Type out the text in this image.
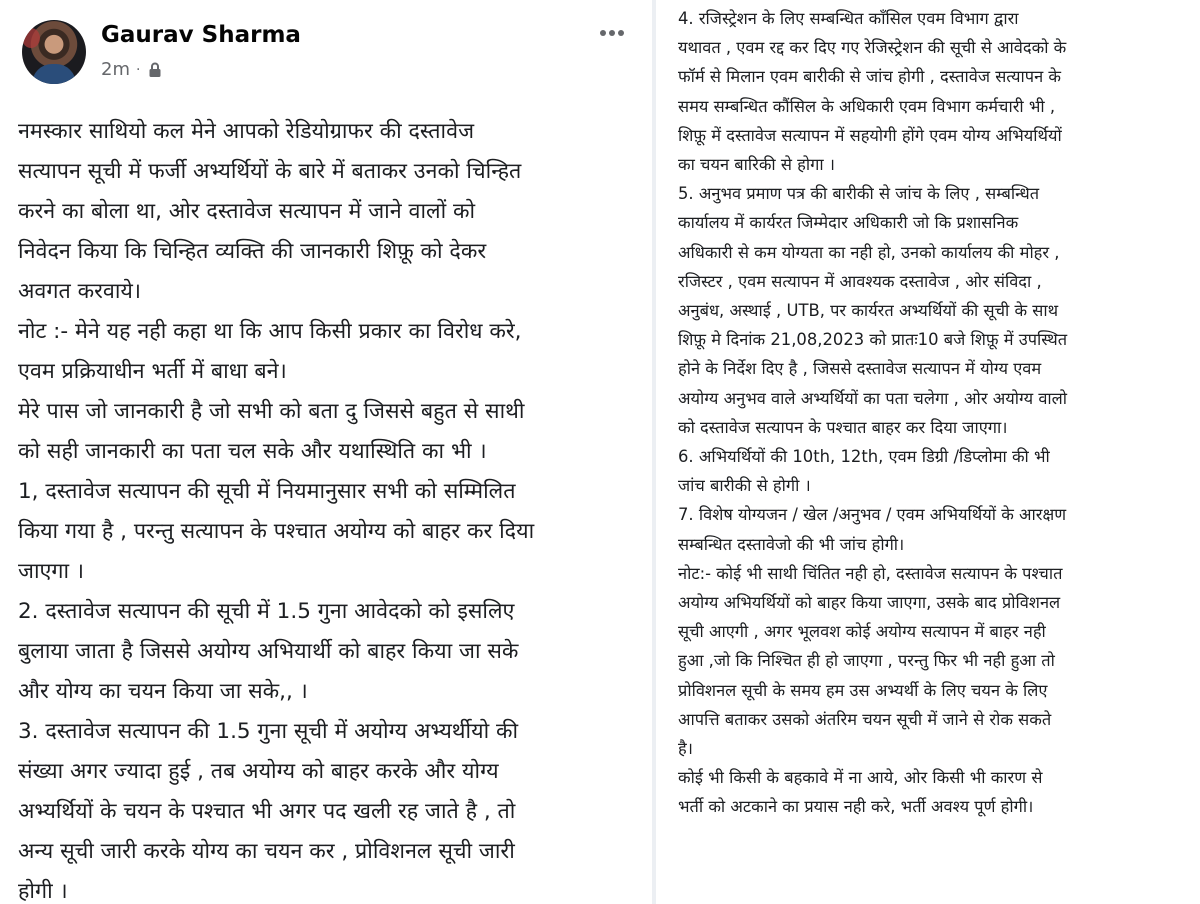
Gaurav Sharma
2m ·

नमस्कार साथियो कल मेने आपको रेडियोग्राफर की दस्तावेज

सत्यापन सूची में फर्जी अभ्यर्थियों के बारे में बताकर उनको चिन्हित

करने का बोला था, ओर दस्तावेज सत्यापन में जाने वालों को

निवेदन किया कि चिन्हित व्यक्ति की जानकारी शिफ़ू को देकर

अवगत करवाये।

नोट :- मेने यह नही कहा था कि आप किसी प्रकार का विरोध करे,

एवम प्रक्रियाधीन भर्ती में बाधा बने।

मेरे पास जो जानकारी है जो सभी को बता दु जिससे बहुत से साथी

को सही जानकारी का पता चल सके और यथास्थिति का भी ।

1, दस्तावेज सत्यापन की सूची में नियमानुसार सभी को सम्मिलित

किया गया है , परन्तु सत्यापन के पश्चात अयोग्य को बाहर कर दिया

जाएगा ।

2. दस्तावेज सत्यापन की सूची में 1.5 गुना आवेदको को इसलिए

बुलाया जाता है जिससे अयोग्य अभियार्थी को बाहर किया जा सके

और योग्य का चयन किया जा सके,, ।

3. दस्तावेज सत्यापन की 1.5 गुना सूची में अयोग्य अभ्यर्थीयो की

संख्या अगर ज्यादा हुई , तब अयोग्य को बाहर करके और योग्य

अभ्यर्थियों के चयन के पश्चात भी अगर पद खली रह जाते है , तो

अन्य सूची जारी करके योग्य का चयन कर , प्रोविशनल सूची जारी

होगी ।

4. रजिस्ट्रेशन के लिए सम्बन्धित कॉंसिल एवम विभाग द्वारा

यथावत , एवम रद्द कर दिए गए रेजिस्ट्रेशन की सूची से आवेदको के

फॉर्म से मिलान एवम बारीकी से जांच होगी , दस्तावेज सत्यापन के

समय सम्बन्धित कौंसिल के अधिकारी एवम विभाग कर्मचारी भी ,

शिफ़ू में दस्तावेज सत्यापन में सहयोगी होंगे एवम योग्य अभियर्थियों

का चयन बारिकी से होगा ।

5. अनुभव प्रमाण पत्र की बारीकी से जांच के लिए , सम्बन्धित

कार्यालय में कार्यरत जिम्मेदार अधिकारी जो कि प्रशासनिक

अधिकारी से कम योग्यता का नही हो, उनको कार्यालय की मोहर ,

रजिस्टर , एवम सत्यापन में आवश्यक दस्तावेज , ओर संविदा ,

अनुबंध, अस्थाई , UTB, पर कार्यरत अभ्यर्थियों की सूची के साथ

शिफ़ू मे दिनांक 21,08,2023 को प्रातः10 बजे शिफ़ू में उपस्थित

होने के निर्देश दिए है , जिससे दस्तावेज सत्यापन में योग्य एवम

अयोग्य अनुभव वाले अभ्यर्थियों का पता चलेगा , ओर अयोग्य वालो

को दस्तावेज सत्यापन के पश्चात बाहर कर दिया जाएगा।

6. अभियर्थियों की 10th, 12th, एवम डिग्री /डिप्लोमा की भी

जांच बारीकी से होगी ।

7. विशेष योग्यजन / खेल /अनुभव / एवम अभियर्थियों के आरक्षण

सम्बन्धित दस्तावेजो की भी जांच होगी।

नोट:- कोई भी साथी चिंतित नही हो, दस्तावेज सत्यापन के पश्चात

अयोग्य अभियर्थियों को बाहर किया जाएगा, उसके बाद प्रोविशनल

सूची आएगी , अगर भूलवश कोई अयोग्य सत्यापन में बाहर नही

हुआ ,जो कि निश्चित ही हो जाएगा , परन्तु फिर भी नही हुआ तो

प्रोविशनल सूची के समय हम उस अभ्यर्थी के लिए चयन के लिए

आपत्ति बताकर उसको अंतरिम चयन सूची में जाने से रोक सकते

है।

कोई भी किसी के बहकावे में ना आये, ओर किसी भी कारण से

भर्ती को अटकाने का प्रयास नही करे, भर्ती अवश्य पूर्ण होगी।
